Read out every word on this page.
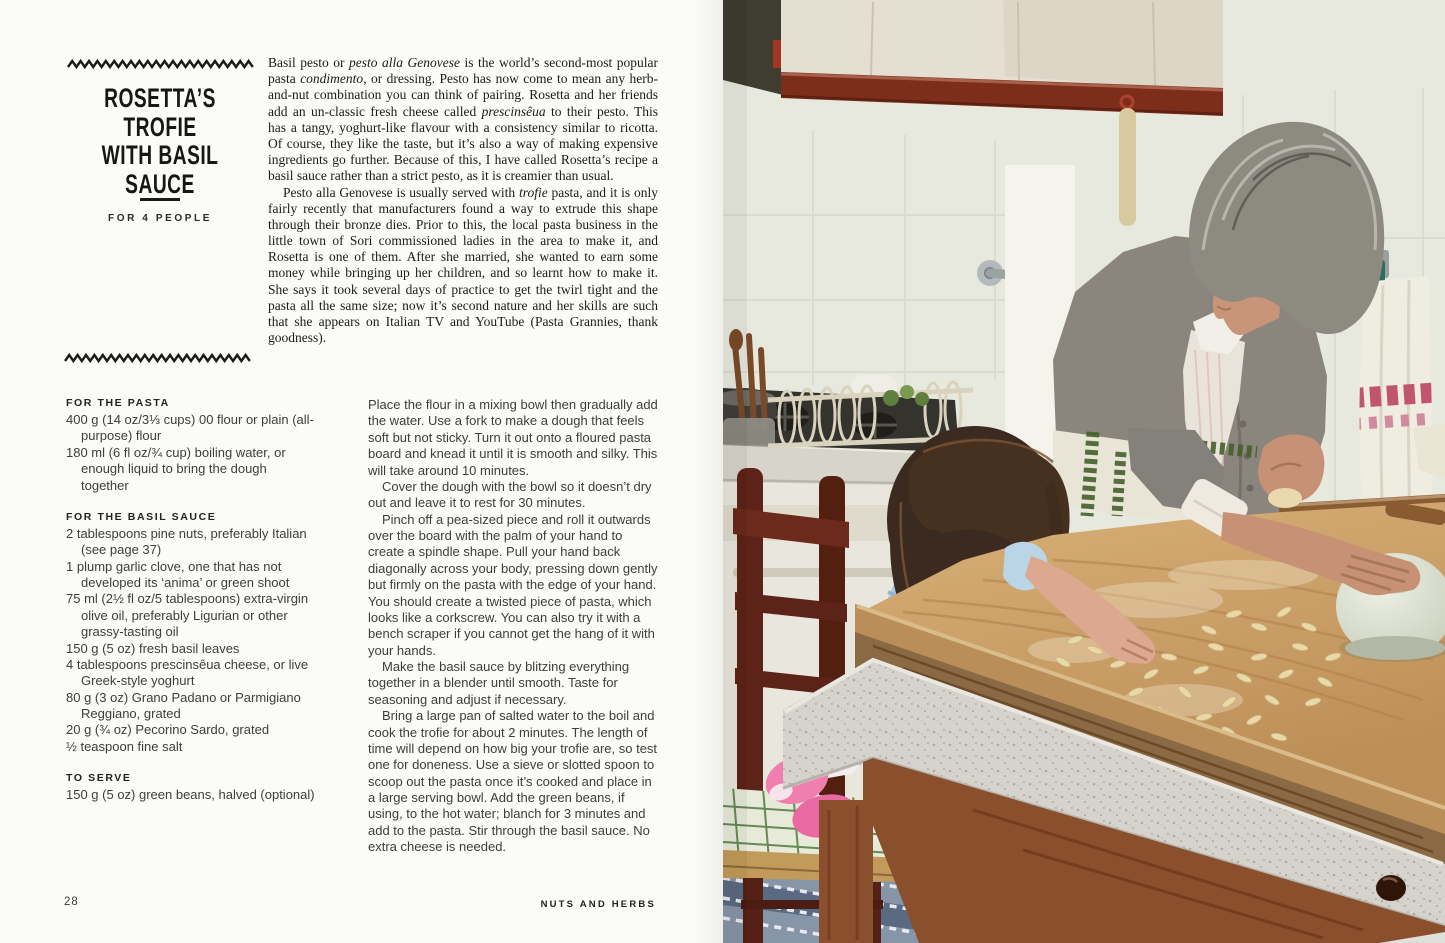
ROSETTA’S TROFIE
WITH BASIL SAUCE
FOR 4 PEOPLE

Basil pesto or pesto alla Genovese is the world’s second-most popular pasta condimento, or dressing. Pesto has now come to mean any herb-and-nut combination you can think of pairing. Rosetta and her friends add an un-classic fresh cheese called prescinsêua to their pesto. This has a tangy, yoghurt-like flavour with a consistency similar to ricotta. Of course, they like the taste, but it’s also a way of making expensive ingredients go further. Because of this, I have called Rosetta’s recipe a basil sauce rather than a strict pesto, as it is creamier than usual.

Pesto alla Genovese is usually served with trofie pasta, and it is only fairly recently that manufacturers found a way to extrude this shape through their bronze dies. Prior to this, the local pasta business in the little town of Sori commissioned ladies in the area to make it, and Rosetta is one of them. After she married, she wanted to earn some money while bringing up her children, and so learnt how to make it. She says it took several days of practice to get the twirl tight and the pasta all the same size; now it’s second nature and her skills are such that she appears on Italian TV and YouTube (Pasta Grannies, thank goodness).

FOR THE PASTA

400 g (14 oz/3⅓ cups) 00 flour or plain (all-purpose) flour

180 ml (6 fl oz/¾ cup) boiling water, or enough liquid to bring the dough together

FOR THE BASIL SAUCE

2 tablespoons pine nuts, preferably Italian (see page 37)

1 plump garlic clove, one that has not developed its ‘anima’ or green shoot

75 ml (2½ fl oz/5 tablespoons) extra-virgin olive oil, preferably Ligurian or other grassy-tasting oil

150 g (5 oz) fresh basil leaves

4 tablespoons prescinsêua cheese, or live Greek-style yoghurt

80 g (3 oz) Grano Padano or Parmigiano Reggiano, grated

20 g (¾ oz) Pecorino Sardo, grated

½ teaspoon fine salt

TO SERVE

150 g (5 oz) green beans, halved (optional)

Place the flour in a mixing bowl then gradually add the water. Use a fork to make a dough that feels soft but not sticky. Turn it out onto a floured pasta board and knead it until it is smooth and silky. This will take around 10 minutes.

Cover the dough with the bowl so it doesn’t dry out and leave it to rest for 30 minutes.

Pinch off a pea-sized piece and roll it outwards over the board with the palm of your hand to create a spindle shape. Pull your hand back diagonally across your body, pressing down gently but firmly on the pasta with the edge of your hand. You should create a twisted piece of pasta, which looks like a corkscrew. You can also try it with a bench scraper if you cannot get the hang of it with your hands.

Make the basil sauce by blitzing everything together in a blender until smooth. Taste for seasoning and adjust if necessary.

Bring a large pan of salted water to the boil and cook the trofie for about 2 minutes. The length of time will depend on how big your trofie are, so test one for doneness. Use a sieve or slotted spoon to scoop out the pasta once it’s cooked and place in a large serving bowl. Add the green beans, if using, to the hot water; blanch for 3 minutes and add to the pasta. Stir through the basil sauce. No extra cheese is needed.

28	NUTS AND HERBS
